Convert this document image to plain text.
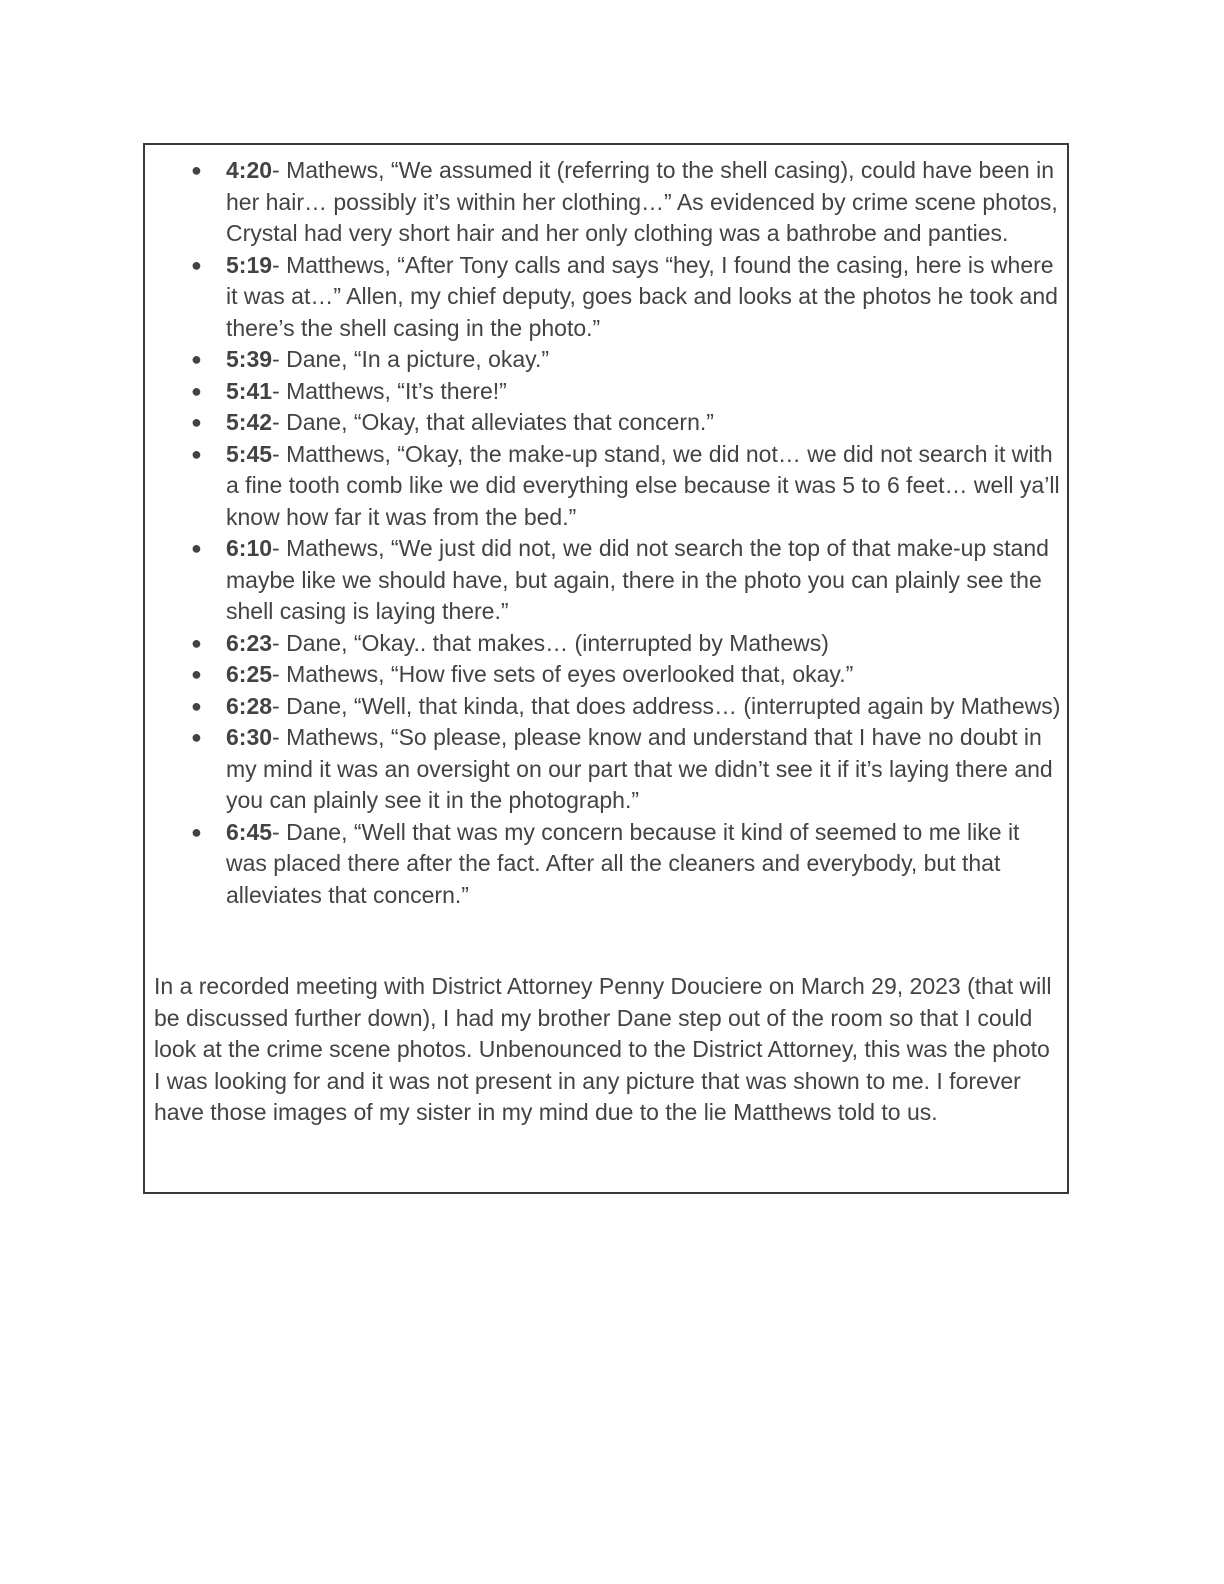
● 4:20- Mathews, “We assumed it (referring to the shell casing), could have been in her hair… possibly it’s within her clothing…” As evidenced by crime scene photos, Crystal had very short hair and her only clothing was a bathrobe and panties.
● 5:19- Matthews, “After Tony calls and says “hey, I found the casing, here is where it was at…” Allen, my chief deputy, goes back and looks at the photos he took and there’s the shell casing in the photo.”
● 5:39- Dane, “In a picture, okay.”
● 5:41- Matthews, “It’s there!”
● 5:42- Dane, “Okay, that alleviates that concern.”
● 5:45- Matthews, “Okay, the make-up stand, we did not… we did not search it with a fine tooth comb like we did everything else because it was 5 to 6 feet… well ya’ll know how far it was from the bed.”
● 6:10- Mathews, “We just did not, we did not search the top of that make-up stand maybe like we should have, but again, there in the photo you can plainly see the shell casing is laying there.”
● 6:23- Dane, “Okay.. that makes… (interrupted by Mathews)
● 6:25- Mathews, “How five sets of eyes overlooked that, okay.”
● 6:28- Dane, “Well, that kinda, that does address… (interrupted again by Mathews)
● 6:30- Mathews, “So please, please know and understand that I have no doubt in my mind it was an oversight on our part that we didn’t see it if it’s laying there and you can plainly see it in the photograph.”
● 6:45- Dane, “Well that was my concern because it kind of seemed to me like it was placed there after the fact. After all the cleaners and everybody, but that alleviates that concern.”

In a recorded meeting with District Attorney Penny Douciere on March 29, 2023 (that will be discussed further down), I had my brother Dane step out of the room so that I could look at the crime scene photos. Unbenounced to the District Attorney, this was the photo I was looking for and it was not present in any picture that was shown to me. I forever have those images of my sister in my mind due to the lie Matthews told to us.
